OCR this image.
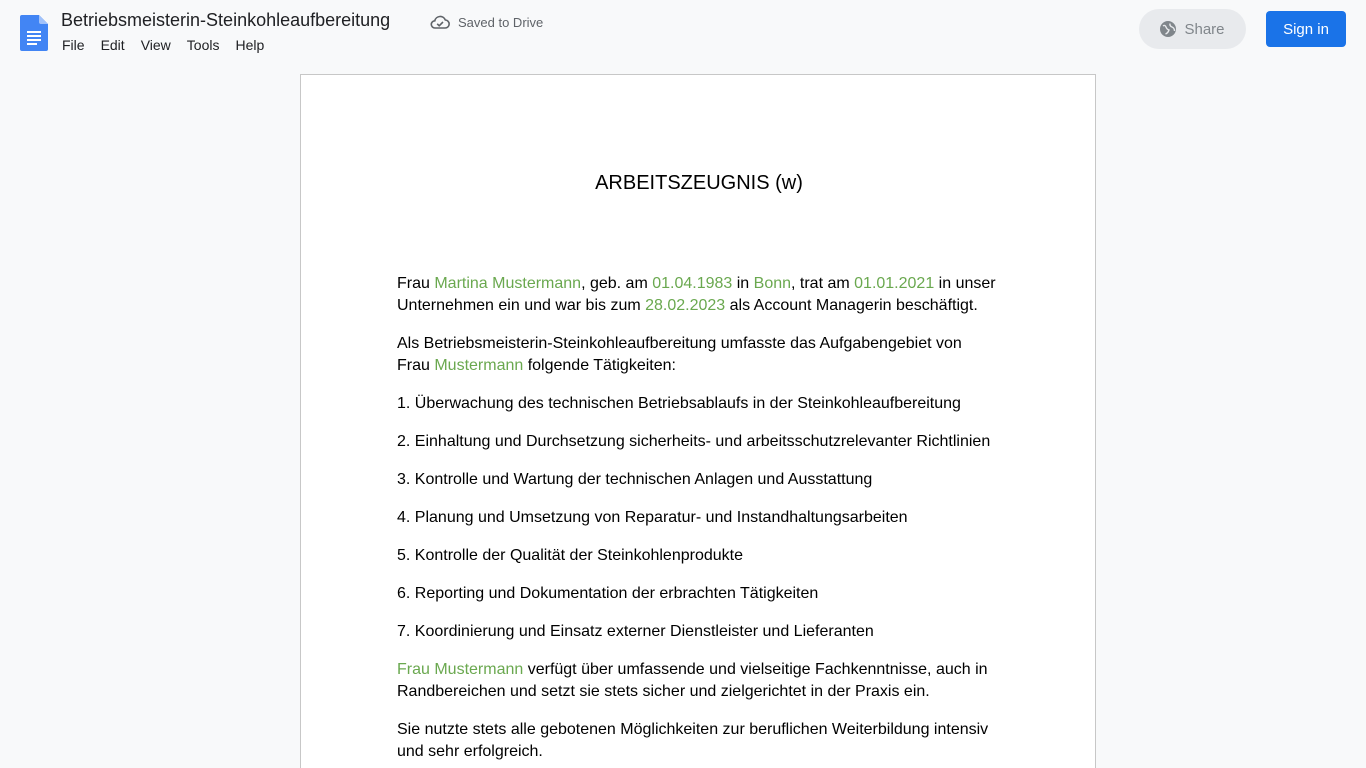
Betriebsmeisterin-Steinkohleaufbereitung	Saved to Drive
File	Edit	View	Tools	Help
Share	Sign in
ARBEITSZEUGNIS (w)

Frau Martina Mustermann, geb. am 01.04.1983 in Bonn, trat am 01.01.2021 in unser Unternehmen ein und war bis zum 28.02.2023 als Account Managerin beschäftigt.

Als Betriebsmeisterin-Steinkohleaufbereitung umfasste das Aufgabengebiet von Frau Mustermann folgende Tätigkeiten:

1. Überwachung des technischen Betriebsablaufs in der Steinkohleaufbereitung

2. Einhaltung und Durchsetzung sicherheits- und arbeitsschutzrelevanter Richtlinien

3. Kontrolle und Wartung der technischen Anlagen und Ausstattung

4. Planung und Umsetzung von Reparatur- und Instandhaltungsarbeiten

5. Kontrolle der Qualität der Steinkohlenprodukte

6. Reporting und Dokumentation der erbrachten Tätigkeiten

7. Koordinierung und Einsatz externer Dienstleister und Lieferanten

Frau Mustermann verfügt über umfassende und vielseitige Fachkenntnisse, auch in Randbereichen und setzt sie stets sicher und zielgerichtet in der Praxis ein.

Sie nutzte stets alle gebotenen Möglichkeiten zur beruflichen Weiterbildung intensiv und sehr erfolgreich.
